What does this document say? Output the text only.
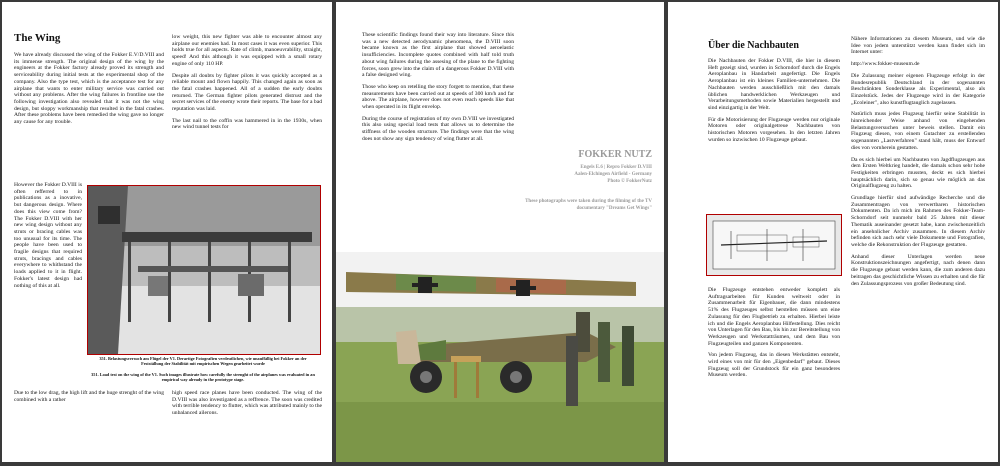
The Wing

We have already discussed the wing of the Fokker E.V/D.VIII and its immense strength. The original design of the wing by the engineers at the Fokker factory already proved its strength and serviceability during initial tests at the experimental shop of the company. Also the type test, which is the acceptance test for any airplane that wants to enter military service was carried out without any problems. After the wing failures in frontline use the following investigation also revealed that it was not the wing design, but sloppy workmanship that resulted in the fatal crashes. After these problems have been remedied the wing gave no longer any cause for any trouble.

low weight, this new fighter was able to encounter almost any airplane our enemies had. In most cases it was even superior. This holds true for all aspects. Rate of climb, manoeuvrability, straight, speed! And this although it was equipped with a small rotary engine of only 110 HP.

Despite all doubts by fighter pilots it was quickly accepted as a reliable mount and flown happily. This changed again as soon as the fatal crashes happened. All of a sudden the early doubts returned. The German fighter pilots generated distrust and the secret services of the enemy wrote their reports. The base for a bad reputation was laid.

The last nail to the coffin was hammered in in the 1930s, when new wind tunnel tests for

However the Fokker D.VIII is often refferred to in publications as a inovative, but dangerous design. Where does this view come from? The Fokker D.VIII with her new wing design without any struts or bracing cables was too unusual for its time. The people have been used to fragile designs that required struts, bracings and cables everywhere to whithstand the loads applied to it in flight. Fokker's latest design had nothing of this at all.

351. Belastungsversuch am Flügel der V1. Derartige Fotografien verdeutlichen, wie unauffällig bei Fokker an der Festställung der Stabilität mit empirischen Wegen gearbeitet wurde
351. Load test on the wing of the V1. Such images illustrate how carefully the strenght of the airplanes was evaluated in an empirical way already in the prototype stage.

Due to the low drag, the high lift and the huge strenght of the wing combined with a rather

high speed race planes have been conducted. The wing of the D.VIII was also investigated as a reffrence. The soon was credited with terrible tendency to flutter, which was attributed mainly to the unbalanced ailerons.

These scientific findings found their way into literature. Since this was a new detected aerodynamic phenomena, the D.VIII soon became known as the first airplane that showed aeroelastic insufficiencies. Incomplete quotes combined with half told truth about wing failures during the assesing of the plane to the fighting forces, soon grew into the claim of a dangerous Fokker D.VIII with a false designed wing.

Those who keep on retelling the story forgett to mention, that these measurements have been carried out at speeds of 300 km/h and far above. The airplane, however does not even reach speeds like that when operated in its flight envelop.

During the course of registration of my own D.VIII we investigated this also using special load tests that allows us to determine the stiffness of the wooden structure. The findings were that the wing does not show any sign tendency of wing flutter at all.

FOKKER NUTZ
Engels E.6 | Repro Fokker D.VIII
Aalen-Elchingen Airfield - Germany
Photo © FokkerNutz
These photographs were taken during the filming of the TV documentary "Dreams Get Wings"
Über die Nachbauten

Die Nachbauten der Fokker D.VIII, die hier in diesem Heft gezeigt sind, wurden in Schorndorf durch die Engels Aeroplanbau in Handarbeit angefertigt. Die Engels Aeroplanbau ist ein kleines Familien-unternehmen. Die Nachbauten werden ausschließlich mit den damals üblichen handwerklichen Werkzeugen und Verarbeitungsmethoden sowie Materialien hergestellt und sind einzigartig in der Welt.

Für die Motorisierung der Flugzeuge werden nur originale Motoren oder originalgetreue Nachbauten von historischen Motoren vorgesehen. In den letzten Jahren wurden so inzwischen 10 Flugzeuge gebaut.

Die Flugzeuge entstehen entweder komplett als Auftragsarbeiten für Kunden weltweit oder in Zusammenarbeit für Eigenbauer, die dann mindestens 51% des Flugzeuges selbst herstellen müssen um eine Zulassung für den Flugbetrieb zu erhalten. Hierbei leiste ich und die Engels Aeroplanbau Hilfestellung. Dies reicht von Unterlagen für den Bau, bis hin zur Bereitstellung von Werkzeugen und Werkstatträumen, und dem Bau von Flugzeugteilen und ganzen Komponenten.

Von jedem Flugzeug, das in diesen Werkstätten entsteht, wird eines von mir für den „Eigenbedarf" gebaut. Dieses Flugzeug soll der Grundstock für ein ganz besonderes Museum werden.

Nähere Informationen zu diesem Museum, und wie die Idee von jedem unterstützt werden kann findet sich im Internet unter:

http://www.fokker-museum.de

Die Zulassung meiner eigenen Flugzeuge erfolgt in der Bundesrepublik Deutschland in der sogenannten Beschränkten Sonderklasse als Experimental, also als Einzelstück. Jedes der Flugzeuge wird in der Kategorie „Ecoleiner", also kunstflugtauglich zugelassen.

Natürlich muss jedes Flugzeug hierfür seine Stabilität in hinreichender Weise anhand von eingehenden Belastungsversuchen unter beweis stellen. Damit ein Flugzeug diesen, von einem Gutachter zu erstellenden sogenannten „Lastverfahren" stand hält, muss der Entwurf dies von vornherein gestatten.

Da es sich hierbei um Nachbauten von Jagdflugzeugen aus dem Ersten Weltkrieg handelt, die damals schon sehr hohe Festigkeiten erbringen mussten, deckt es sich hierbei hauptsächlich darin, sich so genau wie möglich an das Originalflugzeug zu halten.

Grundlage hierfür sind aufwändige Recherche und die Zusammentragen von verwertbaren historischen Dokumenten. Da ich mich im Rahmen des Fokker-Team-Schorndorf seit nunmehr bald 25 Jahren mit dieser Thematik auseinander gesetzt habe, kann zwischenzeitlich ein ansehnlicher Archiv zusammen. In diesem Archiv befinden sich auch sehr viele Dokumente und Fotografien, welche die Rekonstruktion der Flugzeuge gestatten.

Anhand dieser Unterlagen werden neue Konstruktionszeichnungen angefertigt, nach denen dann die Flugzeuge gebaut werden kann, die zum anderen dazu beitragen das geschichtliche Wissen zu erhalten und die für den Zulassungsprozess von großer Bedeutung sind.
